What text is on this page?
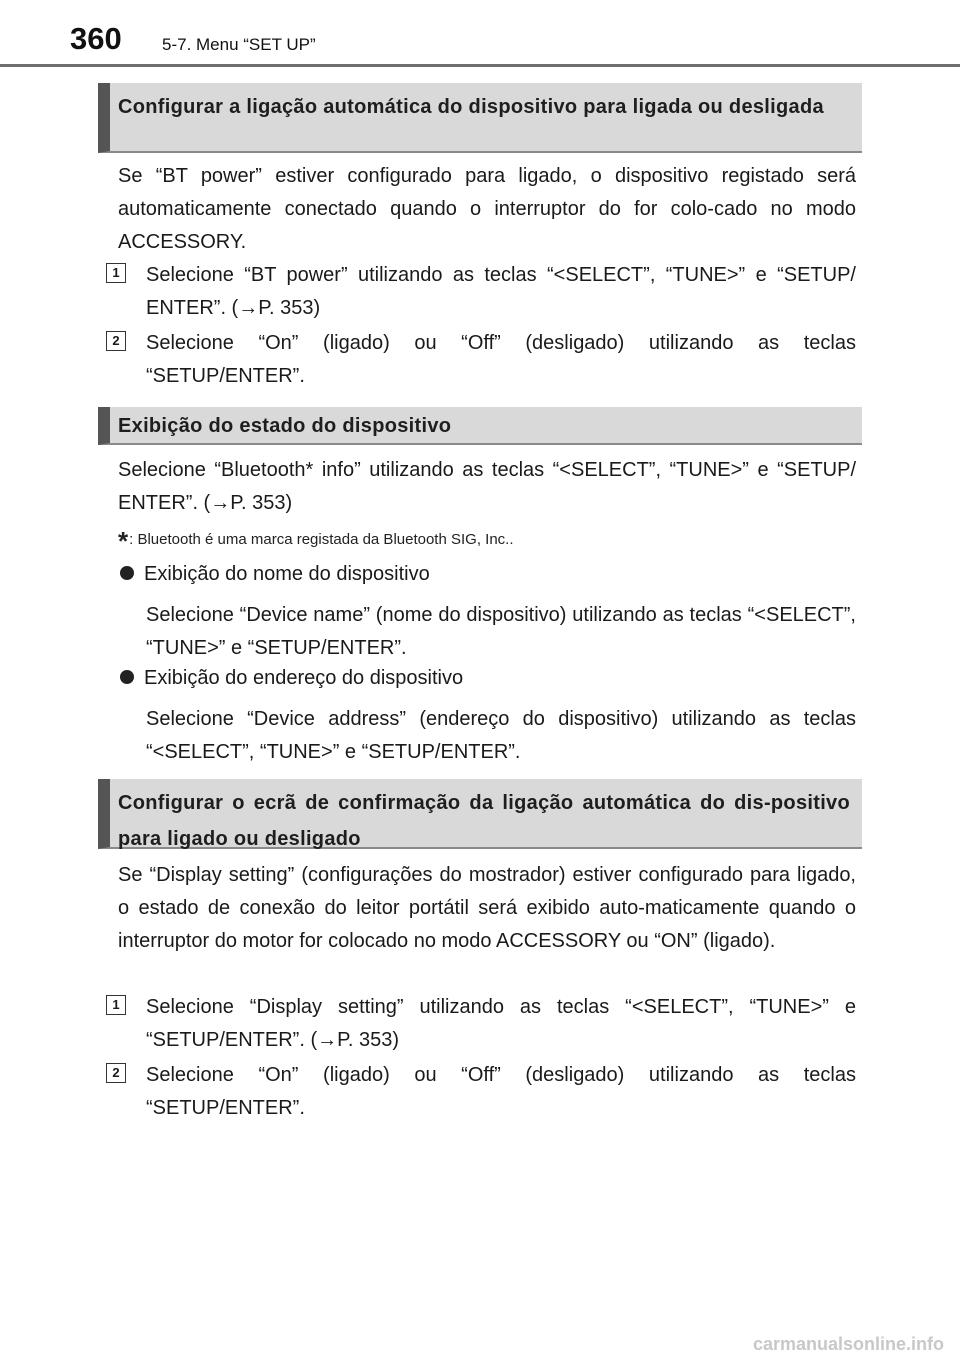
360 5-7. Menu “SET UP”
Configurar a ligação automática do dispositivo para ligada ou desligada
Se “BT power” estiver configurado para ligado, o dispositivo registado será automaticamente conectado quando o interruptor do for colo-cado no modo ACCESSORY.
1	Selecione “BT power” utilizando as teclas “<SELECT”, “TUNE>” e “SETUP/ ENTER”. (→P. 353)
2	Selecione “On” (ligado) ou “Off” (desligado) utilizando as teclas “SETUP/ENTER”.
Exibição do estado do dispositivo
Selecione “Bluetooth* info” utilizando as teclas “<SELECT”, “TUNE>” e “SETUP/ ENTER”. (→P. 353)
*: Bluetooth é uma marca registada da Bluetooth SIG, Inc..
Exibição do nome do dispositivo
Selecione “Device name” (nome do dispositivo) utilizando as teclas “<SELECT”, “TUNE>” e “SETUP/ENTER”.
Exibição do endereço do dispositivo
Selecione “Device address” (endereço do dispositivo) utilizando as teclas “<SELECT”, “TUNE>” e “SETUP/ENTER”.
Configurar o ecrã de confirmação da ligação automática do dis-positivo para ligado ou desligado
Se “Display setting” (configurações do mostrador) estiver configurado para ligado, o estado de conexão do leitor portátil será exibido auto-maticamente quando o interruptor do motor for colocado no modo ACCESSORY ou “ON” (ligado).
1	Selecione “Display setting” utilizando as teclas “<SELECT”, “TUNE>” e “SETUP/ENTER”. (→P. 353)
2	Selecione “On” (ligado) ou “Off” (desligado) utilizando as teclas “SETUP/ENTER”.
carmanualsonline.info
